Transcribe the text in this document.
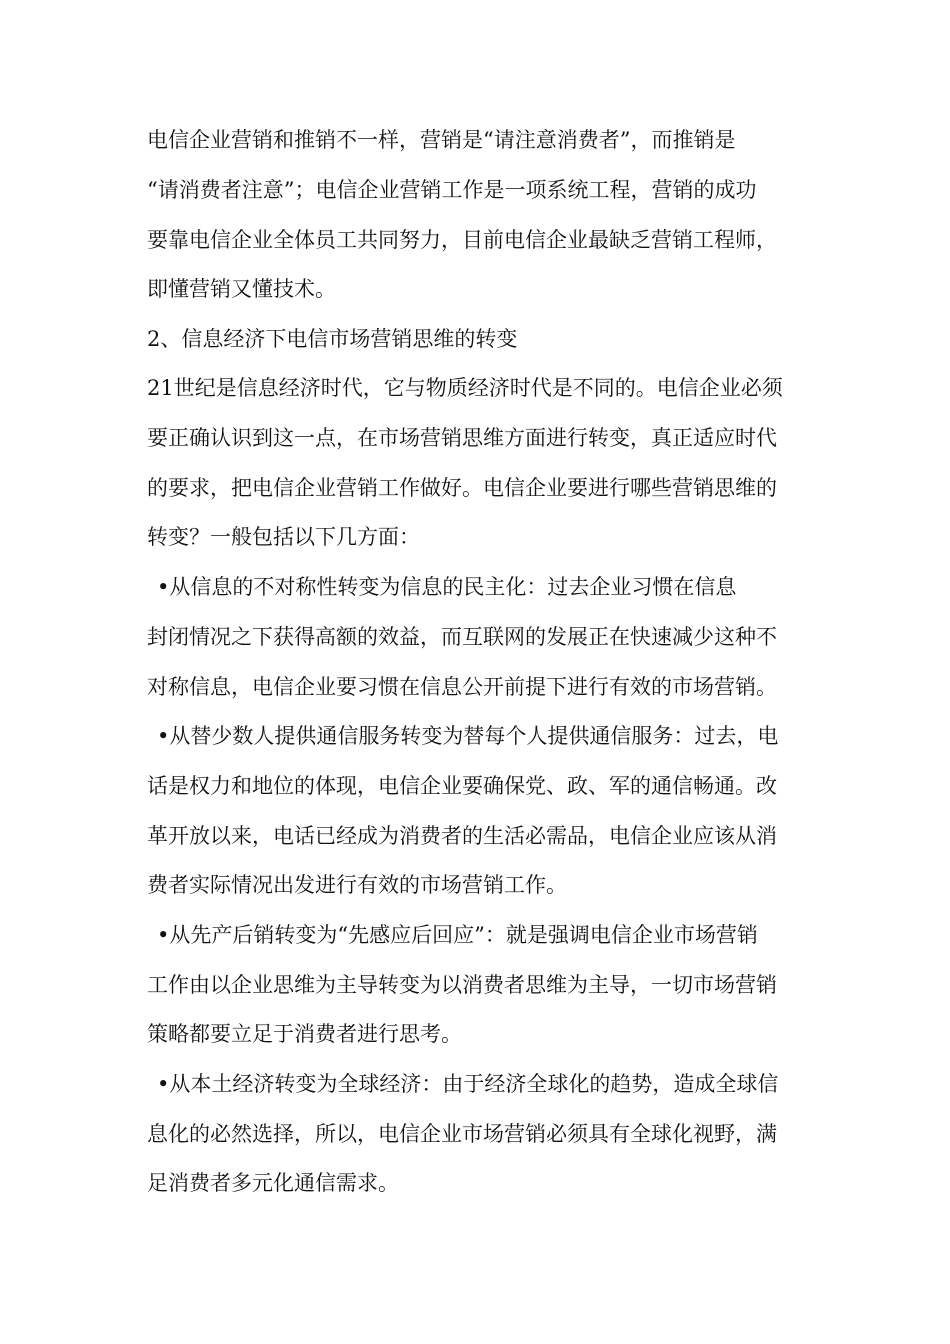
电信企业营销和推销不一样，营销是“请注意消费者”，而推销是

“请消费者注意”；电信企业营销工作是一项系统工程，营销的成功

要靠电信企业全体员工共同努力，目前电信企业最缺乏营销工程师，

即懂营销又懂技术。

2、信息经济下电信市场营销思维的转变

21世纪是信息经济时代，它与物质经济时代是不同的。电信企业必须

要正确认识到这一点，在市场营销思维方面进行转变，真正适应时代

的要求，把电信企业营销工作做好。电信企业要进行哪些营销思维的

转变？一般包括以下几方面：

•从信息的不对称性转变为信息的民主化：过去企业习惯在信息

封闭情况之下获得高额的效益，而互联网的发展正在快速减少这种不

对称信息，电信企业要习惯在信息公开前提下进行有效的市场营销。

•从替少数人提供通信服务转变为替每个人提供通信服务：过去，电

话是权力和地位的体现，电信企业要确保党、政、军的通信畅通。改

革开放以来，电话已经成为消费者的生活必需品，电信企业应该从消

费者实际情况出发进行有效的市场营销工作。

•从先产后销转变为“先感应后回应”：就是强调电信企业市场营销

工作由以企业思维为主导转变为以消费者思维为主导，一切市场营销

策略都要立足于消费者进行思考。

•从本土经济转变为全球经济：由于经济全球化的趋势，造成全球信

息化的必然选择，所以，电信企业市场营销必须具有全球化视野，满

足消费者多元化通信需求。
